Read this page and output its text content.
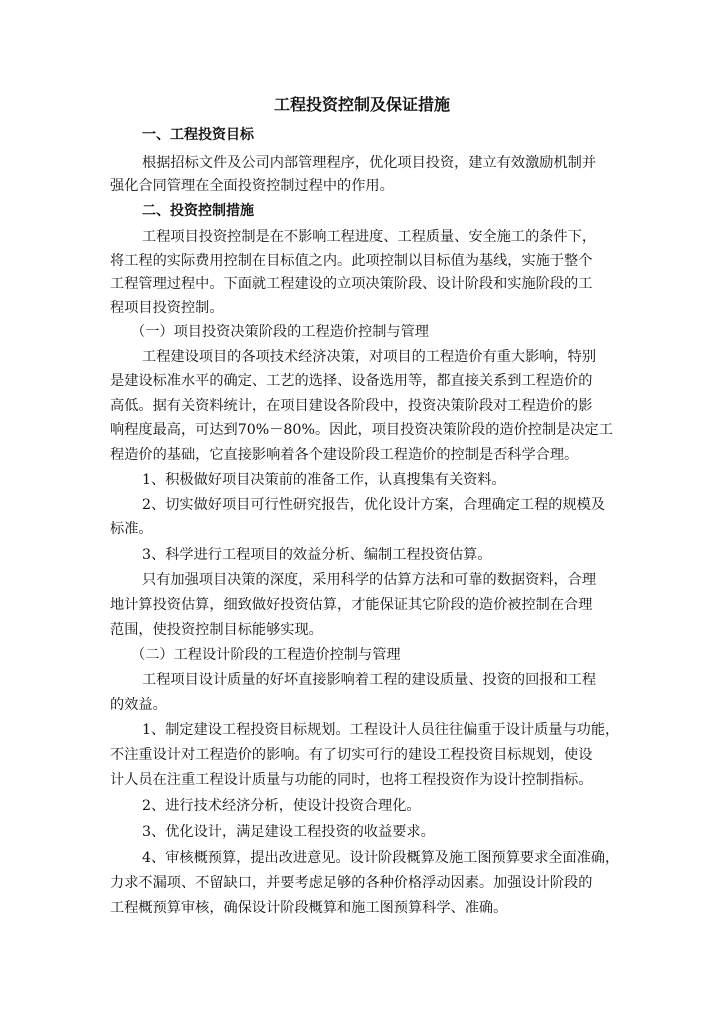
工程投资控制及保证措施
一、工程投资目标
根据招标文件及公司内部管理程序，优化项目投资，建立有效激励机制并
强化合同管理在全面投资控制过程中的作用。
二、投资控制措施
工程项目投资控制是在不影响工程进度、工程质量、安全施工的条件下，
将工程的实际费用控制在目标值之内。此项控制以目标值为基线，实施于整个
工程管理过程中。下面就工程建设的立项决策阶段、设计阶段和实施阶段的工
程项目投资控制。
（一）项目投资决策阶段的工程造价控制与管理
工程建设项目的各项技术经济决策，对项目的工程造价有重大影响，特别
是建设标准水平的确定、工艺的选择、设备选用等，都直接关系到工程造价的
高低。据有关资料统计，在项目建设各阶段中，投资决策阶段对工程造价的影
响程度最高，可达到70%－80%。因此，项目投资决策阶段的造价控制是决定工
程造价的基础，它直接影响着各个建设阶段工程造价的控制是否科学合理。
1、积极做好项目决策前的准备工作，认真搜集有关资料。
2、切实做好项目可行性研究报告，优化设计方案，合理确定工程的规模及
标准。
3、科学进行工程项目的效益分析、编制工程投资估算。
只有加强项目决策的深度，采用科学的估算方法和可靠的数据资料，合理
地计算投资估算，细致做好投资估算，才能保证其它阶段的造价被控制在合理
范围，使投资控制目标能够实现。
（二）工程设计阶段的工程造价控制与管理
工程项目设计质量的好坏直接影响着工程的建设质量、投资的回报和工程
的效益。
1、制定建设工程投资目标规划。工程设计人员往往偏重于设计质量与功能，
不注重设计对工程造价的影响。有了切实可行的建设工程投资目标规划，使设
计人员在注重工程设计质量与功能的同时，也将工程投资作为设计控制指标。
2、进行技术经济分析，使设计投资合理化。
3、优化设计，满足建设工程投资的收益要求。
4、审核概预算，提出改进意见。设计阶段概算及施工图预算要求全面准确，
力求不漏项、不留缺口，并要考虑足够的各种价格浮动因素。加强设计阶段的
工程概预算审核，确保设计阶段概算和施工图预算科学、准确。
